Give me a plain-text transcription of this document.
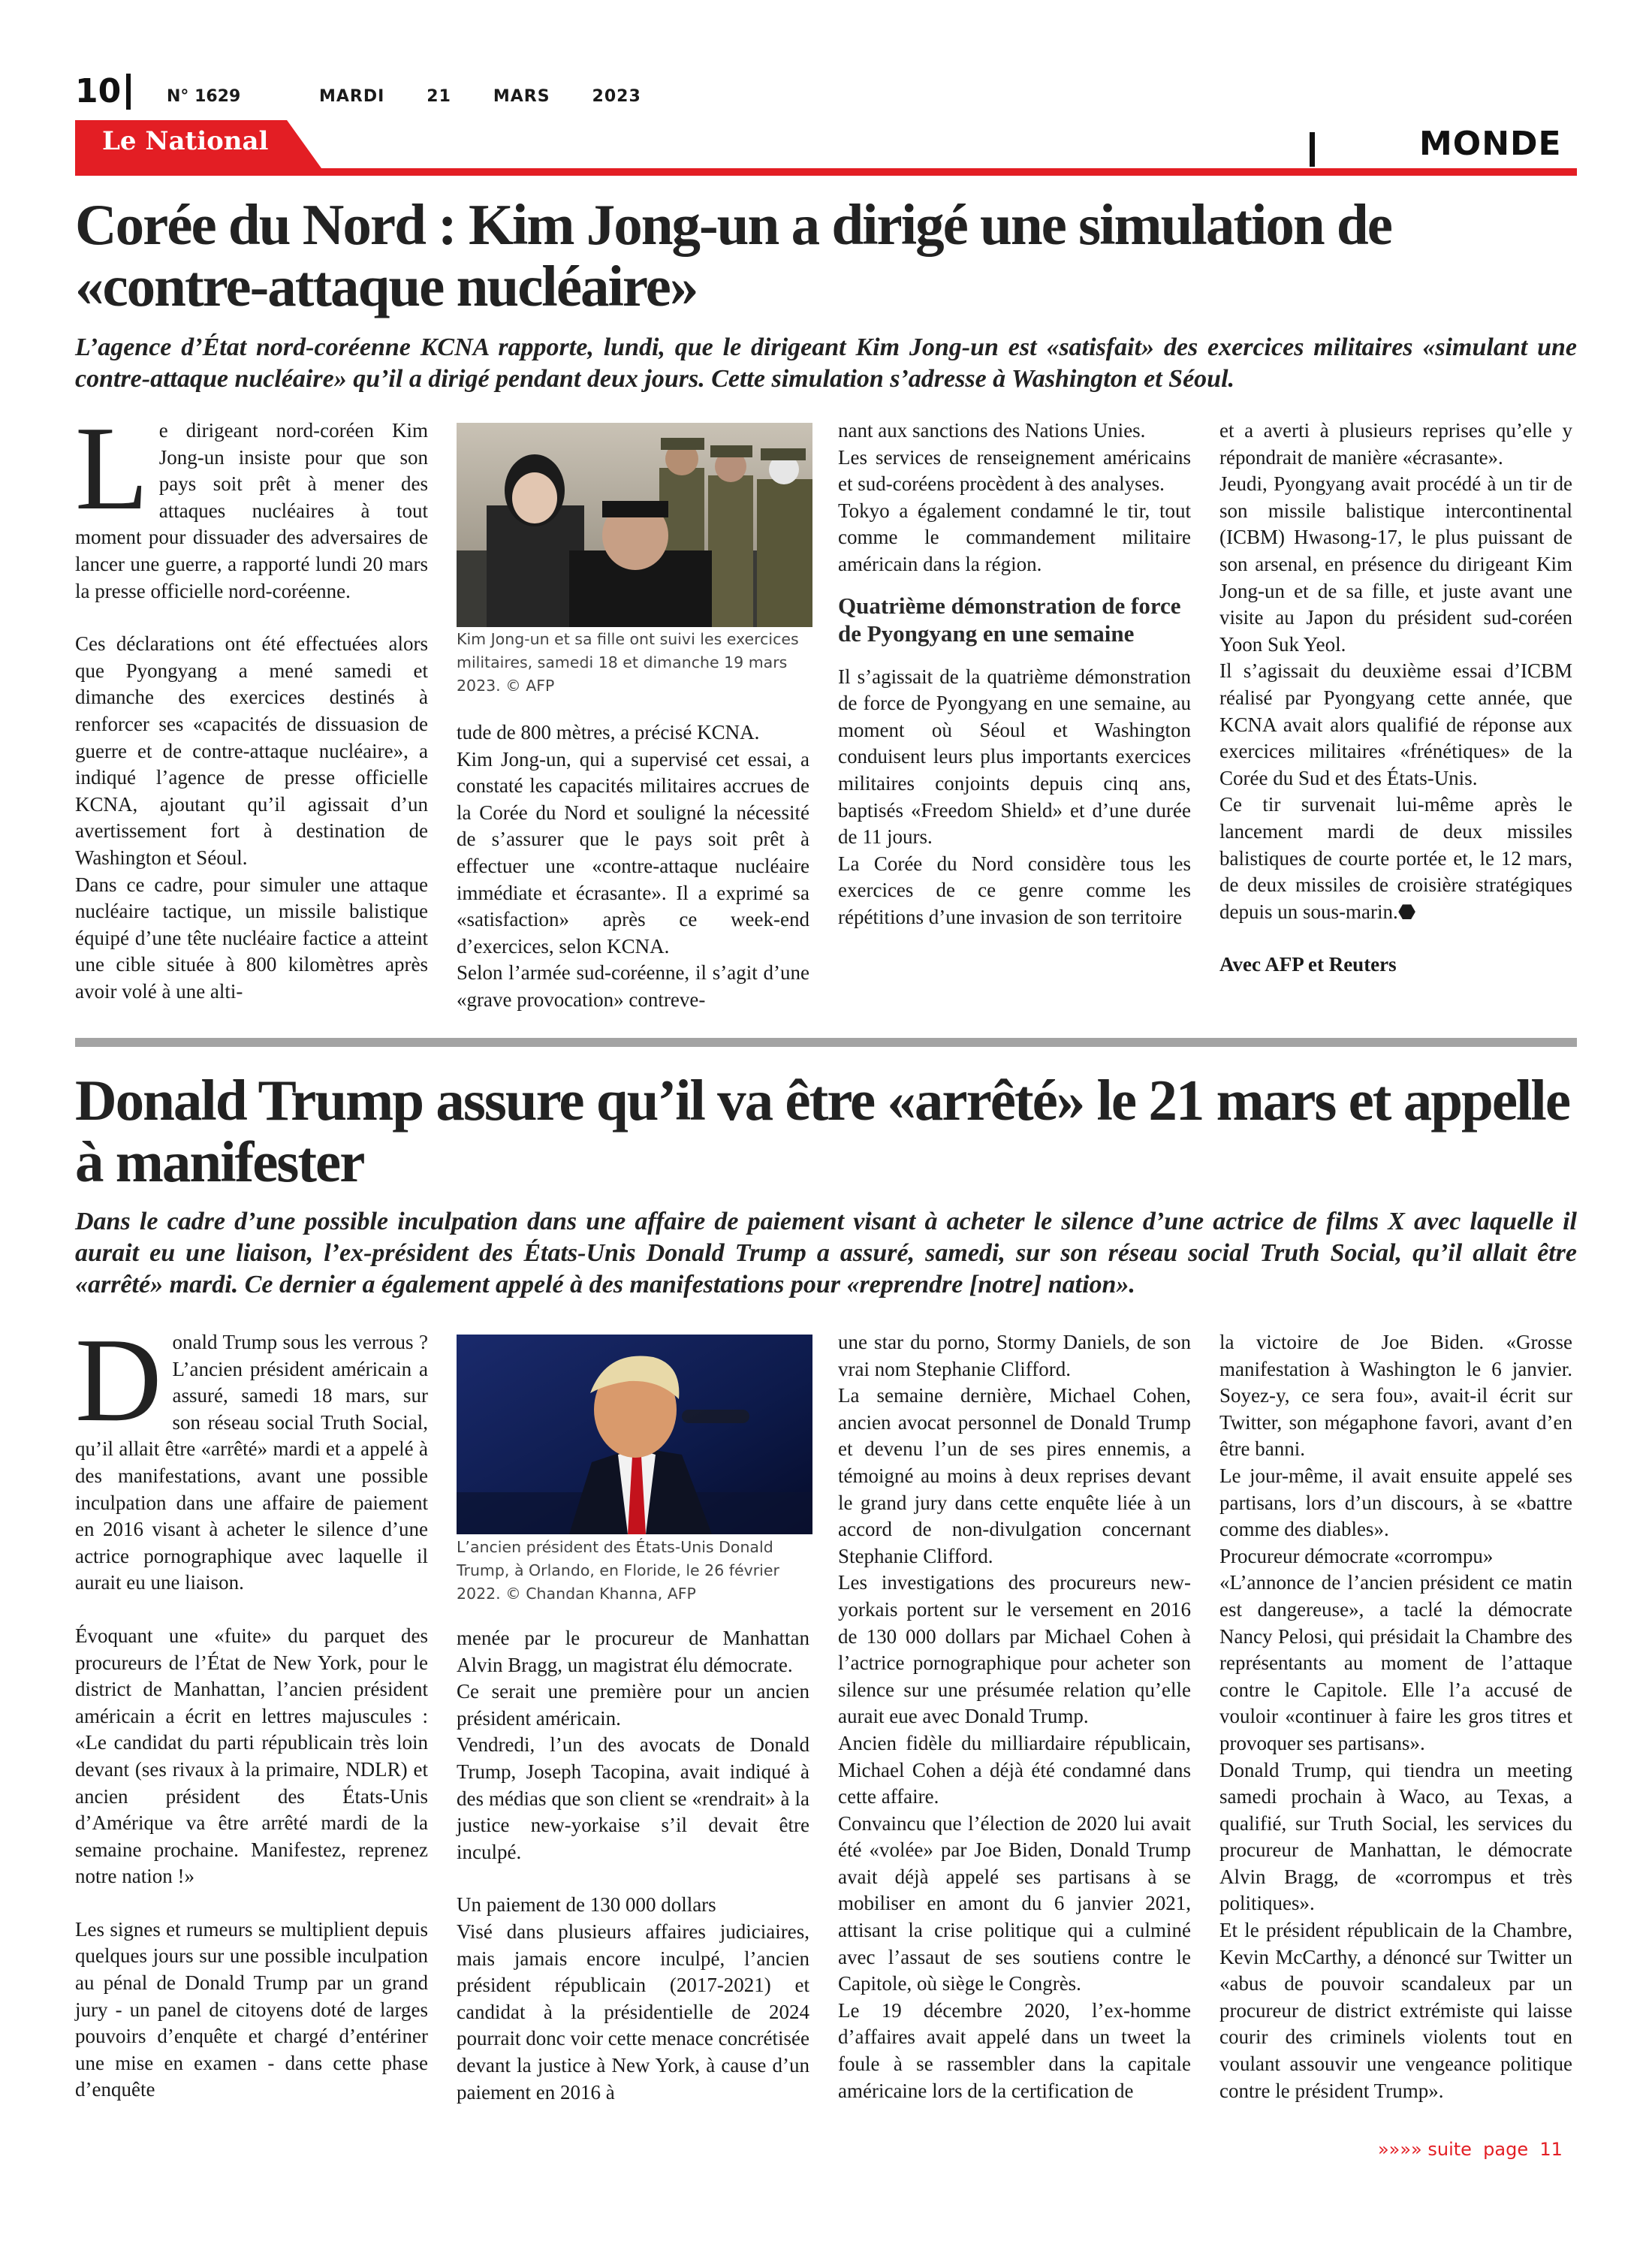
10	N° 1629	MARDI   21   MARS   2023
Le National	MONDE
Corée du Nord : Kim Jong-un a dirigé une simulation de «contre-attaque nucléaire»
L’agence d’État nord-coréenne KCNA rapporte, lundi, que le dirigeant Kim Jong-un est «satisfait» des exercices militaires «simulant une contre-attaque nucléaire» qu’il a dirigé pendant deux jours. Cette simulation s’adresse à Washington et Séoul.
L e dirigeant nord-coréen Kim Jong-un insiste pour que son pays soit prêt à mener des attaques nucléaires à tout moment pour dissuader des adversaires de lancer une guerre, a rapporté lundi 20 mars la presse officielle nord-coréenne.

Ces déclarations ont été effectuées alors que Pyongyang a mené samedi et dimanche des exercices destinés à renforcer ses «capacités de dissuasion de guerre et de contre-attaque nucléaire», a indiqué l’agence de presse officielle KCNA, ajoutant qu’il agissait d’un avertissement fort à destination de Washington et Séoul.

Dans ce cadre, pour simuler une attaque nucléaire tactique, un missile balistique équipé d’une tête nucléaire factice a atteint une cible située à 800 kilomètres après avoir volé à une alti-

Kim Jong-un et sa fille ont suivi les exercices militaires, samedi 18 et dimanche 19 mars 2023. © AFP

tude de 800 mètres, a précisé KCNA.

Kim Jong-un, qui a supervisé cet essai, a constaté les capacités militaires accrues de la Corée du Nord et souligné la nécessité de s’assurer que le pays soit prêt à effectuer une «contre-attaque nucléaire immédiate et écrasante». Il a exprimé sa «satisfaction» après ce week-end d’exercices, selon KCNA.

Selon l’armée sud-coréenne, il s’agit d’une «grave provocation» contreve-

nant aux sanctions des Nations Unies.

Les services de renseignement américains et sud-coréens procèdent à des analyses.

Tokyo a également condamné le tir, tout comme le commandement militaire américain dans la région.

Quatrième démonstration de force de Pyongyang en une semaine

Il s’agissait de la quatrième démonstration de force de Pyongyang en une semaine, au moment où Séoul et Washington conduisent leurs plus importants exercices militaires conjoints depuis cinq ans, baptisés «Freedom Shield» et d’une durée de 11 jours.

La Corée du Nord considère tous les exercices de ce genre comme les répétitions d’une invasion de son territoire

et a averti à plusieurs reprises qu’elle y répondrait de manière «écrasante».

Jeudi, Pyongyang avait procédé à un tir de son missile balistique intercontinental (ICBM) Hwasong-17, le plus puissant de son arsenal, en présence du dirigeant Kim Jong-un et de sa fille, et juste avant une visite au Japon du président sud-coréen Yoon Suk Yeol.

Il s’agissait du deuxième essai d’ICBM réalisé par Pyongyang cette année, que KCNA avait alors qualifié de réponse aux exercices militaires «frénétiques» de la Corée du Sud et des États-Unis.

Ce tir survenait lui-même après le lancement mardi de deux missiles balistiques de courte portée et, le 12 mars, de deux missiles de croisière stratégiques depuis un sous-marin.⬣

Avec AFP et Reuters

Donald Trump assure qu’il va être «arrêté» le 21 mars et appelle à manifester
Dans le cadre d’une possible inculpation dans une affaire de paiement visant à acheter le silence d’une actrice de films X avec laquelle il aurait eu une liaison, l’ex-président des États-Unis Donald Trump a assuré, samedi, sur son réseau social Truth Social, qu’il allait être «arrêté» mardi. Ce dernier a également appelé à des manifestations pour «reprendre [notre] nation».
D onald Trump sous les verrous ? L’ancien président américain a assuré, samedi 18 mars, sur son réseau social Truth Social, qu’il allait être «arrêté» mardi et a appelé à des manifestations, avant une possible inculpation dans une affaire de paiement en 2016 visant à acheter le silence d’une actrice pornographique avec laquelle il aurait eu une liaison.

Évoquant une «fuite» du parquet des procureurs de l’État de New York, pour le district de Manhattan, l’ancien président américain a écrit en lettres majuscules : «Le candidat du parti républicain très loin devant (ses rivaux à la primaire, NDLR) et ancien président des États-Unis d’Amérique va être arrêté mardi de la semaine prochaine. Manifestez, reprenez notre nation !»

Les signes et rumeurs se multiplient depuis quelques jours sur une possible inculpation au pénal de Donald Trump par un grand jury - un panel de citoyens doté de larges pouvoirs d’enquête et chargé d’entériner une mise en examen - dans cette phase d’enquête

L’ancien président des États-Unis Donald Trump, à Orlando, en Floride, le 26 février 2022. © Chandan Khanna, AFP

menée par le procureur de Manhattan Alvin Bragg, un magistrat élu démocrate.

Ce serait une première pour un ancien président américain.

Vendredi, l’un des avocats de Donald Trump, Joseph Tacopina, avait indiqué à des médias que son client se «rendrait» à la justice new-yorkaise s’il devait être inculpé.

Un paiement de 130 000 dollars

Visé dans plusieurs affaires judiciaires, mais jamais encore inculpé, l’ancien président républicain (2017-2021) et candidat à la présidentielle de 2024 pourrait donc voir cette menace concrétisée devant la justice à New York, à cause d’un paiement en 2016 à

une star du porno, Stormy Daniels, de son vrai nom Stephanie Clifford.

La semaine dernière, Michael Cohen, ancien avocat personnel de Donald Trump et devenu l’un de ses pires ennemis, a témoigné au moins à deux reprises devant le grand jury dans cette enquête liée à un accord de non-divulgation concernant Stephanie Clifford.

Les investigations des procureurs new-yorkais portent sur le versement en 2016 de 130 000 dollars par Michael Cohen à l’actrice pornographique pour acheter son silence sur une présumée relation qu’elle aurait eue avec Donald Trump.

Ancien fidèle du milliardaire républicain, Michael Cohen a déjà été condamné dans cette affaire.

Convaincu que l’élection de 2020 lui avait été «volée» par Joe Biden, Donald Trump avait déjà appelé ses partisans à se mobiliser en amont du 6 janvier 2021, attisant la crise politique qui a culminé avec l’assaut de ses soutiens contre le Capitole, où siège le Congrès.

Le 19 décembre 2020, l’ex-homme d’affaires avait appelé dans un tweet la foule à se rassembler dans la capitale américaine lors de la certification de

la victoire de Joe Biden. «Grosse manifestation à Washington le 6 janvier. Soyez-y, ce sera fou», avait-il écrit sur Twitter, son mégaphone favori, avant d’en être banni.

Le jour-même, il avait ensuite appelé ses partisans, lors d’un discours, à se «battre comme des diables».

Procureur démocrate «corrompu»

«L’annonce de l’ancien président ce matin est dangereuse», a taclé la démocrate Nancy Pelosi, qui présidait la Chambre des représentants au moment de l’attaque contre le Capitole. Elle l’a accusé de vouloir «continuer à faire les gros titres et provoquer ses partisans».

Donald Trump, qui tiendra un meeting samedi prochain à Waco, au Texas, a qualifié, sur Truth Social, les services du procureur de Manhattan, le démocrate Alvin Bragg, de «corrompus et très politiques».

Et le président républicain de la Chambre, Kevin McCarthy, a dénoncé sur Twitter un «abus de pouvoir scandaleux par un procureur de district extrémiste qui laisse courir des criminels violents tout en voulant assouvir une vengeance politique contre le président Trump».

»»»» suite  page  11
